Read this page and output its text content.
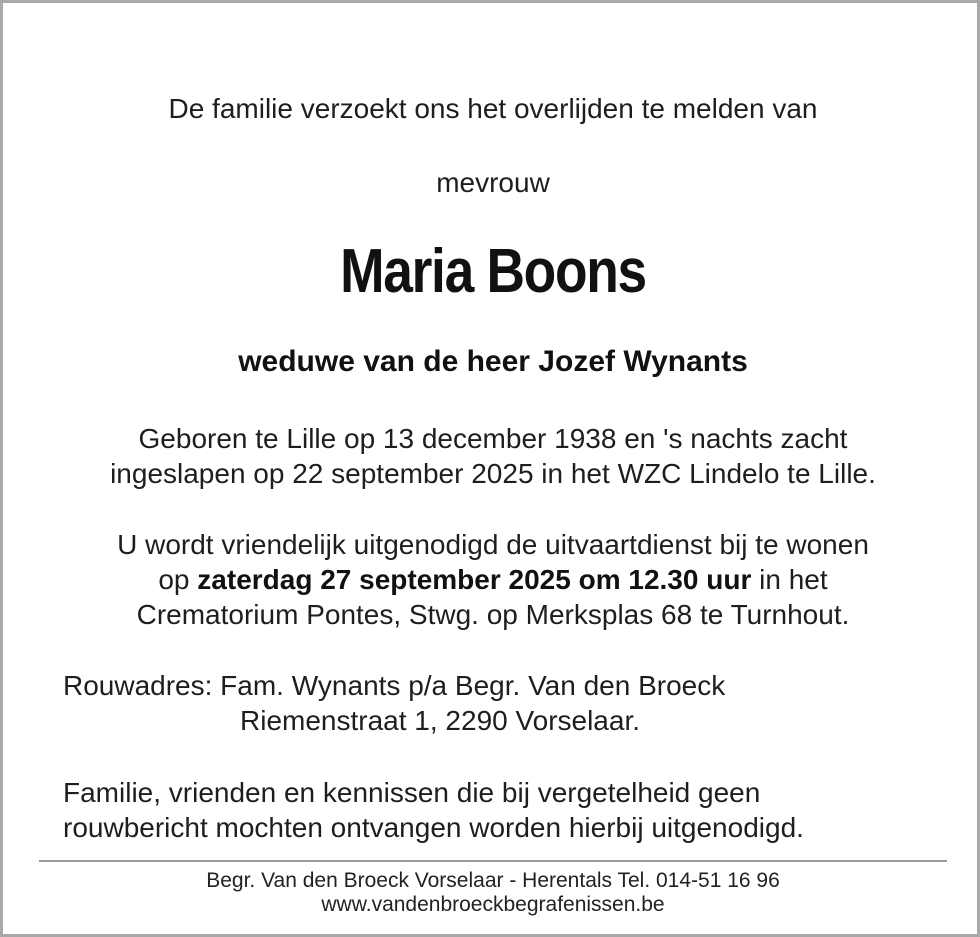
De familie verzoekt ons het overlijden te melden van
mevrouw
Maria Boons
weduwe van de heer Jozef Wynants
Geboren te Lille op 13 december 1938 en 's nachts zacht
ingeslapen op 22 september 2025 in het WZC Lindelo te Lille.
U wordt vriendelijk uitgenodigd de uitvaartdienst bij te wonen
op zaterdag 27 september 2025 om 12.30 uur in het
Crematorium Pontes, Stwg. op Merksplas 68 te Turnhout.
Rouwadres: Fam. Wynants p/a Begr. Van den Broeck
Riemenstraat 1, 2290 Vorselaar.
Familie, vrienden en kennissen die bij vergetelheid geen
rouwbericht mochten ontvangen worden hierbij uitgenodigd.
Begr. Van den Broeck Vorselaar - Herentals Tel. 014-51 16 96
www.vandenbroeckbegrafenissen.be
